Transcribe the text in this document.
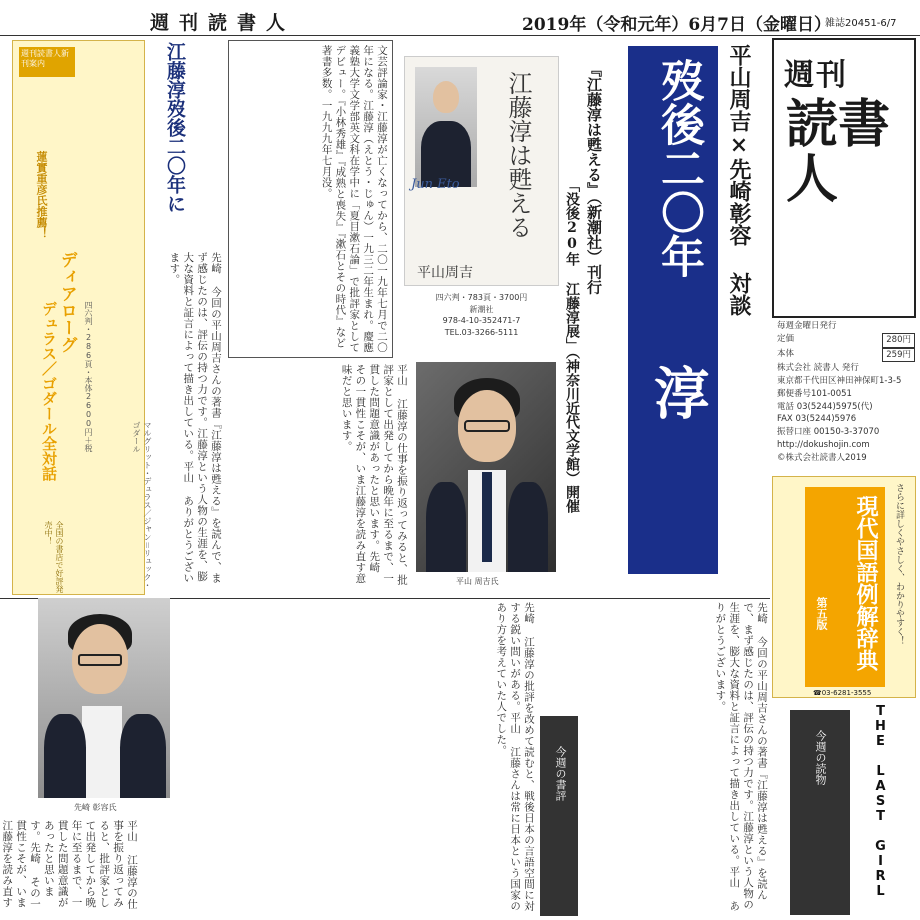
週刊読書人	2019年（令和元年）6月7日（金曜日）
雑誌20451-6/7
週刊読書人新刊案内
蓮實重彦氏推薦！
ディアローグ
デュラス／ゴダール全対話	四六判・286頁・本体2600円＋税
マルグリット・デュラス／ジャン＝リュック・ゴダール
全国の書店で好評発売中！
江藤淳歿後二〇年に
先崎 今回の平山周吉さんの著書『江藤淳は甦える』を読んで、まず感じたのは、評伝の持つ力です。江藤淳という人物の生涯を、膨大な資料と証言によって描き出している。平山 ありがとうございます。	文芸評論家・江藤淳が亡くなってから、二〇一九年七月で二〇年になる。江藤淳（えとう・じゅん）一九三二年生まれ。慶應義塾大学文学部英文科在学中に「夏目漱石論」で批評家としてデビュー。『小林秀雄』『成熟と喪失』『漱石とその時代』など著書多数。一九九九年七月没。
平山 江藤淳の仕事を振り返ってみると、批評家として出発してから晩年に至るまで、一貫した問題意識があったと思います。先崎 その一貫性こそが、いま江藤淳を読み直す意味だと思います。
江藤淳は甦える
Jun Eto
平山周吉
四六判・783頁・3700円
新潮社
978-4-10-352471-7
TEL.03-3266-5111
平山 周吉氏
歿後二〇年
江藤 淳
平山周吉×先崎彰容 対談
『江藤淳は甦える』（新潮社）刊行
「没後20年 江藤淳展」（神奈川近代文学館）開催
週刊
読書人
毎週金曜日発行
定価	280円
本体	259円
株式会社 読書人 発行
東京都千代田区神田神保町1-3-5
郵便番号101-0051
電話 03(5244)5975(代)
FAX 03(5244)5976
振替口座 00150-3-37070
http://dokushojin.com
©株式会社読書人2019
さらに詳しくやさしく、わかりやすく！
現代国語例解辞典
第五版
☎03-6281-3555
先崎 彰容氏	先崎 江藤淳の批評を改めて読むと、戦後日本の言語空間に対する鋭い問いがある。平山 江藤さんは常に日本という国家のあり方を考えていた人でした。
平山 江藤淳の仕事を振り返ってみると、批評家として出発してから晩年に至るまで、一貫した問題意識があったと思います。先崎 その一貫性こそが、いま江藤淳を読み直す
今週の書評	先崎 今回の平山周吉さんの著書『江藤淳は甦える』を読んで、まず感じたのは、評伝の持つ力です。江藤淳という人物の生涯を、膨大な資料と証言によって描き出している。平山 ありがとうございます。
今週の読物	THE LAST GIRL
